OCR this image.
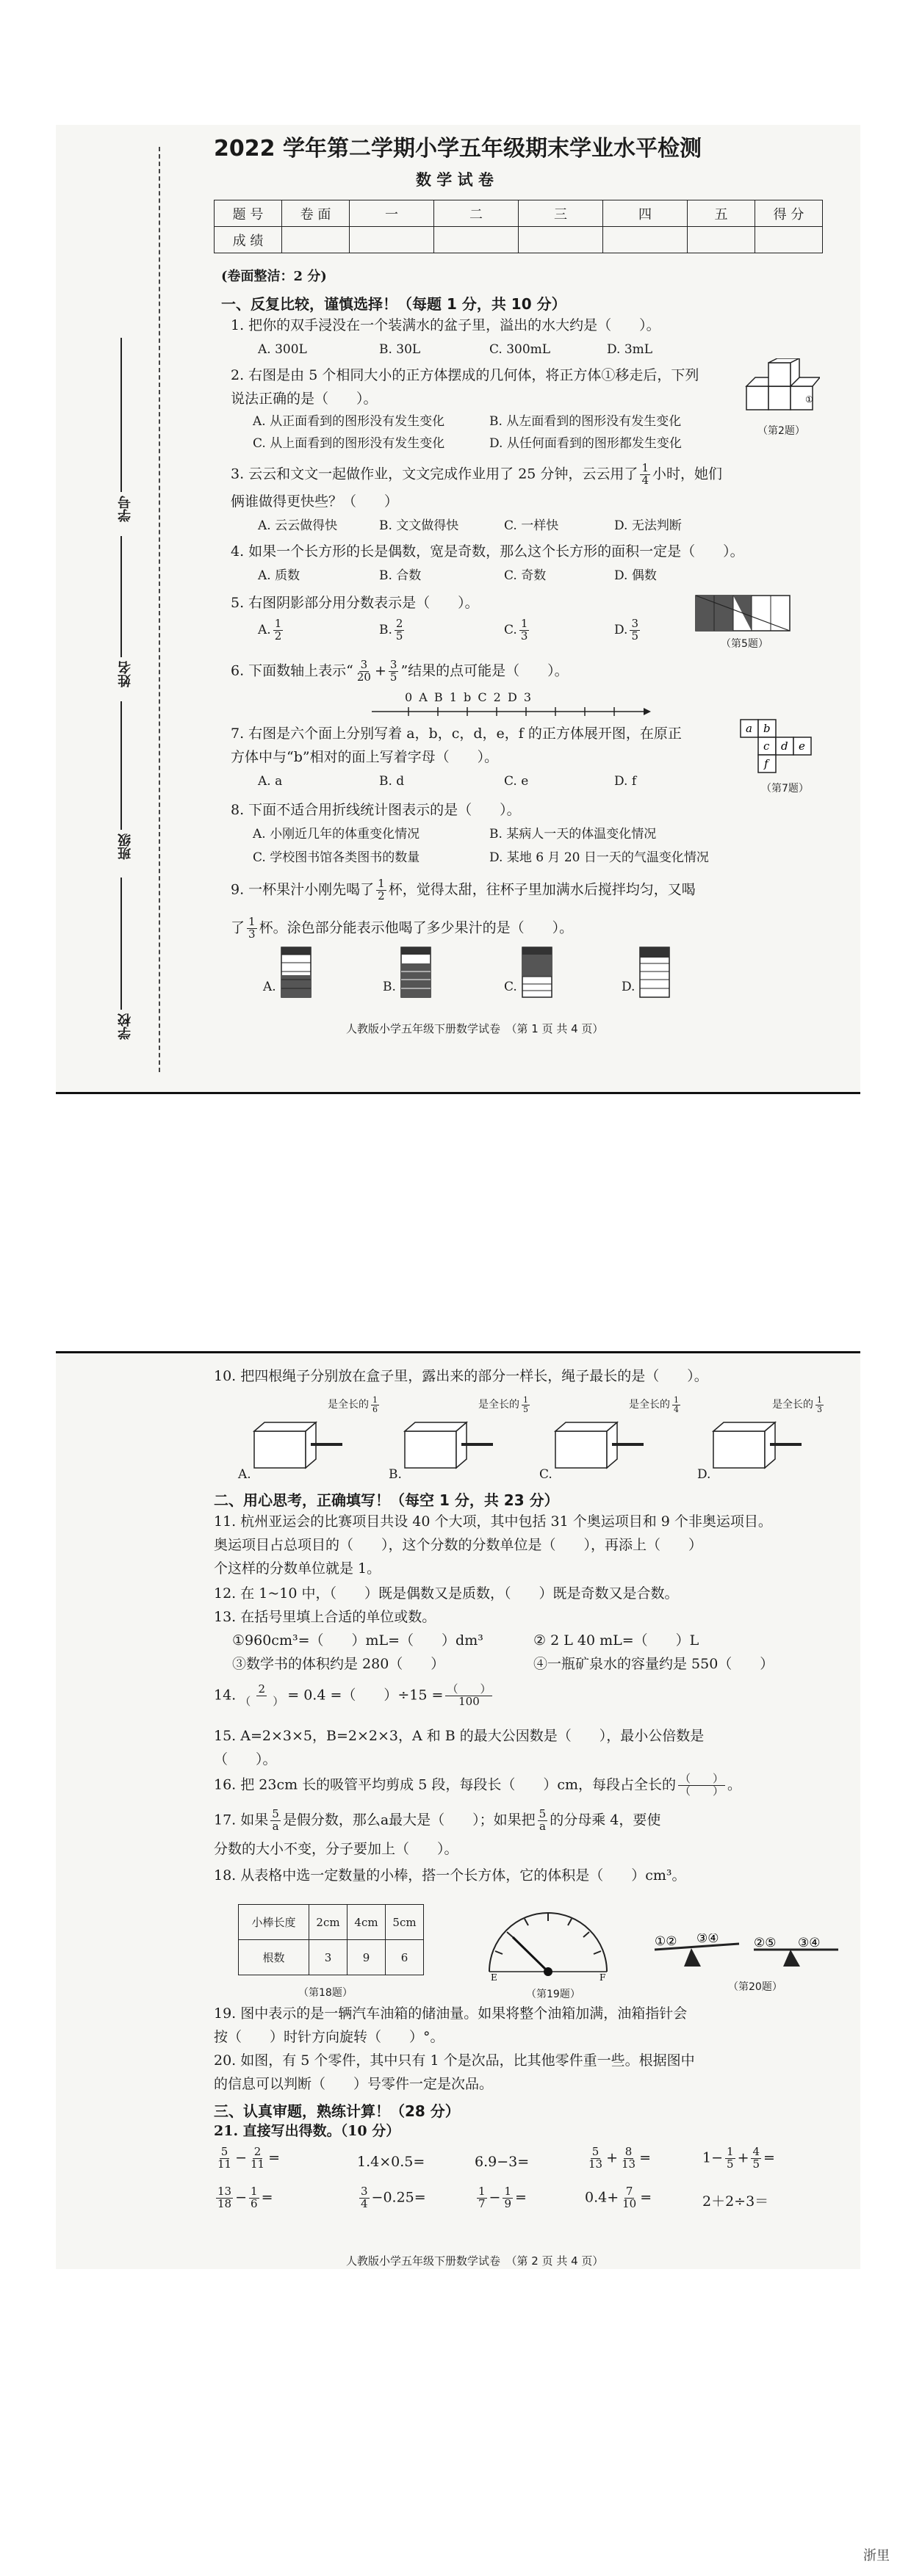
学号
姓名
班级
学校
2022 学年第二学期小学五年级期末学业水平检测
数 学 试 卷
题 号	卷 面	一	二	三	四	五	得 分
成 绩							
(卷面整洁：2 分)
一、反复比较，谨慎选择！（每题 1 分，共 10 分）
1. 把你的双手浸没在一个装满水的盆子里，溢出的水大约是（　　）。
A. 300L	B. 30L	C. 300mL	D. 3mL
2. 右图是由 5 个相同大小的正方体摆成的几何体，将正方体①移走后，下列
说法正确的是（　　）。
A. 从正面看到的图形没有发生变化	B. 从左面看到的图形没有发生变化
C. 从上面看到的图形没有发生变化	D. 从任何面看到的图形都发生变化
①
（第2题）
3. 云云和文文一起做作业，文文完成作业用了 25 分钟，云云用了 $\frac{1}{4}$ 小时，她们
俩谁做得更快些？（　　）
A. 云云做得快	B. 文文做得快	C. 一样快	D. 无法判断
4. 如果一个长方形的长是偶数，宽是奇数，那么这个长方形的面积一定是（　　）。
A. 质数	B. 合数	C. 奇数	D. 偶数
5. 右图阴影部分用分数表示是（　　）。
A. $\frac{1}{2}$	B. $\frac{2}{5}$	C. $\frac{1}{3}$	D. $\frac{3}{5}$
（第5题）
6. 下面数轴上表示“ $\frac{3}{20} + \frac{3}{5}$ ”结果的点可能是（　　）。
0 A B 1 b C 2 D 3
7. 右图是六个面上分别写着 a，b，c，d，e，f 的正方体展开图，在原正
方体中与“b”相对的面上写着字母（　　）。
A. a	B. d	C. e	D. f
a b
c d e
f
（第7题）
8. 下面不适合用折线统计图表示的是（　　）。
A. 小刚近几年的体重变化情况	B. 某病人一天的体温变化情况
C. 学校图书馆各类图书的数量	D. 某地 6 月 20 日一天的气温变化情况
9. 一杯果汁小刚先喝了 $\frac{1}{2}$ 杯，觉得太甜，往杯子里加满水后搅拌均匀，又喝
了 $\frac{1}{3}$ 杯。涂色部分能表示他喝了多少果汁的是（　　）。
A.	B.	C.	D.
人教版小学五年级下册数学试卷　（第 1 页 共 4 页）
10. 把四根绳子分别放在盒子里，露出来的部分一样长，绳子最长的是（　　）。
是全长的 $\frac{1}{6}$	是全长的 $\frac{1}{5}$	是全长的 $\frac{1}{4}$	是全长的 $\frac{1}{3}$
A.	B.	C.	D.
二、用心思考，正确填写！（每空 1 分，共 23 分）
11. 杭州亚运会的比赛项目共设 40 个大项，其中包括 31 个奥运项目和 9 个非奥运项目。
奥运项目占总项目的（　　），这个分数的分数单位是（　　），再添上（　　）
个这样的分数单位就是 1。
12. 在 1~10 中，（　　）既是偶数又是质数，（　　）既是奇数又是合数。
13. 在括号里填上合适的单位或数。
①960cm³=（　　）mL=（　　）dm³	② 2 L 40 mL=（　　）L
③数学书的体积约是 280（　　）	④一瓶矿泉水的容量约是 550（　　）
14. $\frac{2}{( )} = 0.4$ =（　　）$\div 15 = \frac{( )}{100}$
15. A=2×3×5，B=2×2×3，A 和 B 的最大公因数是（　　），最小公倍数是
（　　）。
16. 把 23cm 长的吸管平均剪成 5 段，每段长（　　）cm，每段占全长的 $\frac{( )}{( )}$ 。
17. 如果 $\frac{5}{a}$ 是假分数，那么a最大是（　　）；如果把 $\frac{5}{a}$ 的分母乘 4，要使
分数的大小不变，分子要加上（　　）。
18. 从表格中选一定数量的小棒，搭一个长方体，它的体积是（　　）cm³。
小棒长度	2cm	4cm	5cm
根数	3	9	6
（第18题）
E	F
（第19题）
①② ③④	②⑤ ③④
（第20题）
19. 图中表示的是一辆汽车油箱的储油量。如果将整个油箱加满，油箱指针会
按（　　）时针方向旋转（　　）°。
20. 如图，有 5 个零件，其中只有 1 个是次品，比其他零件重一些。根据图中
的信息可以判断（　　）号零件一定是次品。
三、认真审题，熟练计算！（28 分）
21. 直接写出得数。（10 分）
$\frac{5}{11} - \frac{2}{11}$ =	1.4×0.5=	6.9−3=	$\frac{5}{13} + \frac{8}{13}$ =	$1- \frac{1}{5} + \frac{4}{5}$ =
$\frac{13}{18} - \frac{1}{6}$ =	$\frac{3}{4} -0.25=$	$\frac{1}{7} - \frac{1}{9}$ =	$0.4+ \frac{7}{10}$ =	2＋2÷3＝
人教版小学五年级下册数学试卷　（第 2 页 共 4 页）
浙里
